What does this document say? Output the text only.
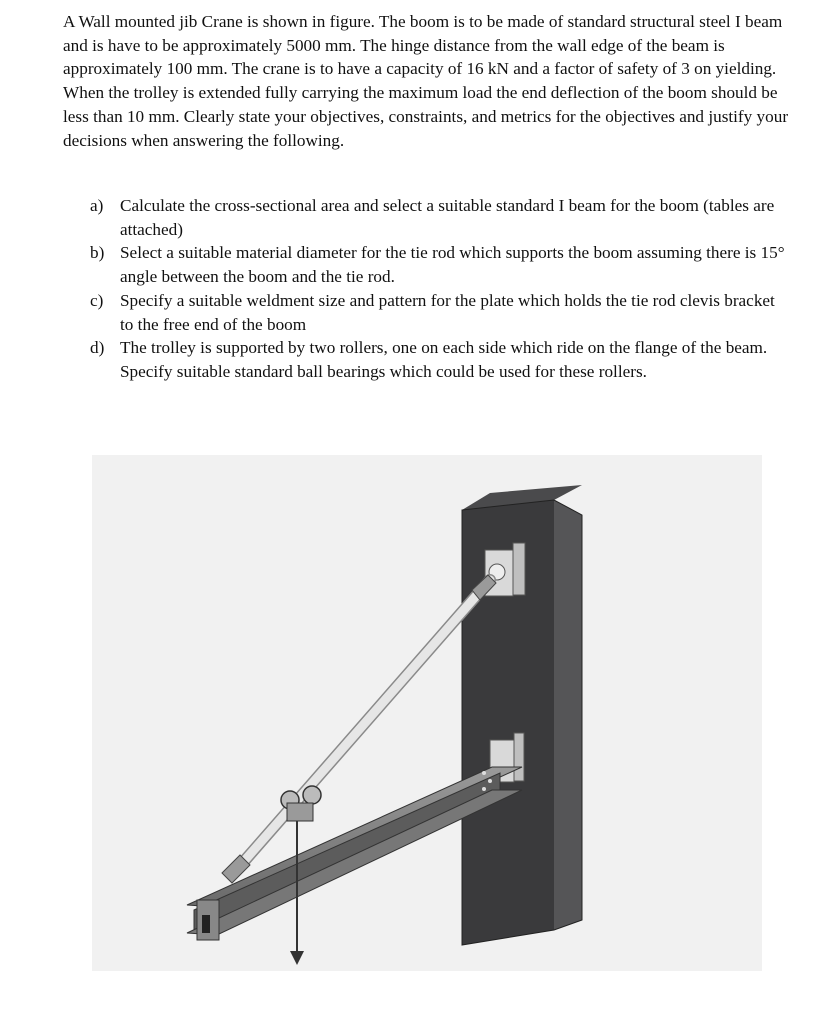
A Wall mounted jib Crane is shown in figure. The boom is to be made of standard structural steel I beam and is have to be approximately 5000 mm. The hinge distance from the wall edge of the beam is approximately 100 mm. The crane is to have a capacity of 16 kN and a factor of safety of 3 on yielding. When the trolley is extended fully carrying the maximum load the end deflection of the boom should be less than 10 mm. Clearly state your objectives, constraints, and metrics for the objectives and justify your decisions when answering the following.

a) Calculate the cross-sectional area and select a suitable standard I beam for the boom (tables are attached)
b) Select a suitable material diameter for the tie rod which supports the boom assuming there is 15° angle between the boom and the tie rod.
c) Specify a suitable weldment size and pattern for the plate which holds the tie rod clevis bracket to the free end of the boom
d) The trolley is supported by two rollers, one on each side which ride on the flange of the beam. Specify suitable standard ball bearings which could be used for these rollers.
